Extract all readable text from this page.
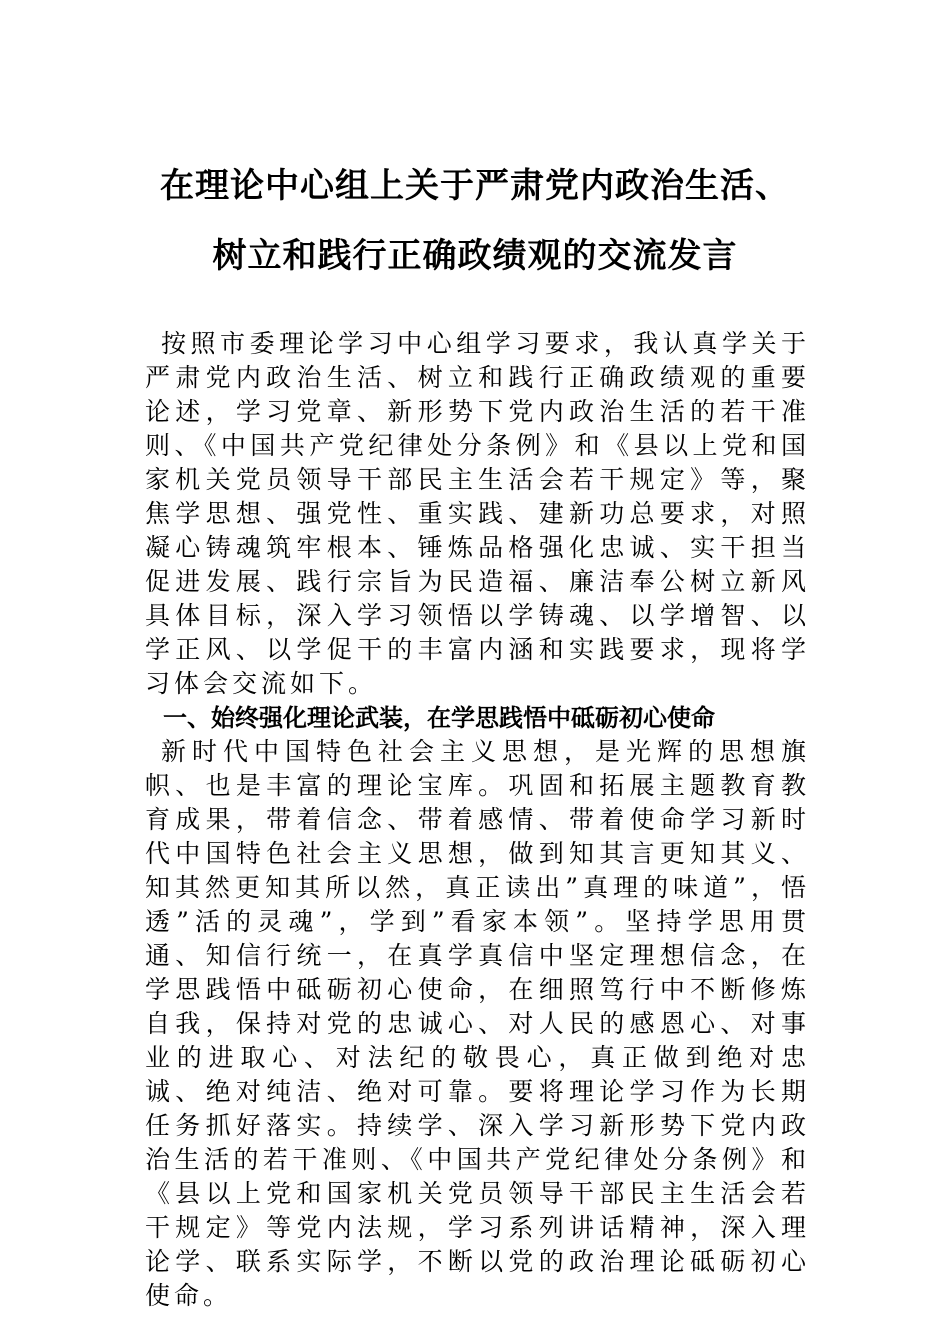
在理论中心组上关于严肃党内政治生活、
树立和践行正确政绩观的交流发言

按照市委理论学习中心组学习要求，我认真学关于严肃党内政治生活、树立和践行正确政绩观的重要论述，学习党章、新形势下党内政治生活的若干准则、《中国共产党纪律处分条例》和《县以上党和国家机关党员领导干部民主生活会若干规定》等，聚焦学思想、强党性、重实践、建新功总要求，对照凝心铸魂筑牢根本、锤炼品格强化忠诚、实干担当促进发展、践行宗旨为民造福、廉洁奉公树立新风具体目标，深入学习领悟以学铸魂、以学增智、以学正风、以学促干的丰富内涵和实践要求，现将学习体会交流如下。

一、始终强化理论武装，在学思践悟中砥砺初心使命

新时代中国特色社会主义思想，是光辉的思想旗帜、也是丰富的理论宝库。巩固和拓展主题教育教育成果，带着信念、带着感情、带着使命学习新时代中国特色社会主义思想，做到知其言更知其义、知其然更知其所以然，真正读出”真理的味道”，悟透”活的灵魂”，学到”看家本领”。坚持学思用贯通、知信行统一，在真学真信中坚定理想信念，在学思践悟中砥砺初心使命，在细照笃行中不断修炼自我，保持对党的忠诚心、对人民的感恩心、对事业的进取心、对法纪的敬畏心，真正做到绝对忠诚、绝对纯洁、绝对可靠。要将理论学习作为长期任务抓好落实。持续学、深入学习新形势下党内政治生活的若干准则、《中国共产党纪律处分条例》和《县以上党和国家机关党员领导干部民主生活会若干规定》等党内法规，学习系列讲话精神，深入理论学、联系实际学，不断以党的政治理论砥砺初心使命。
